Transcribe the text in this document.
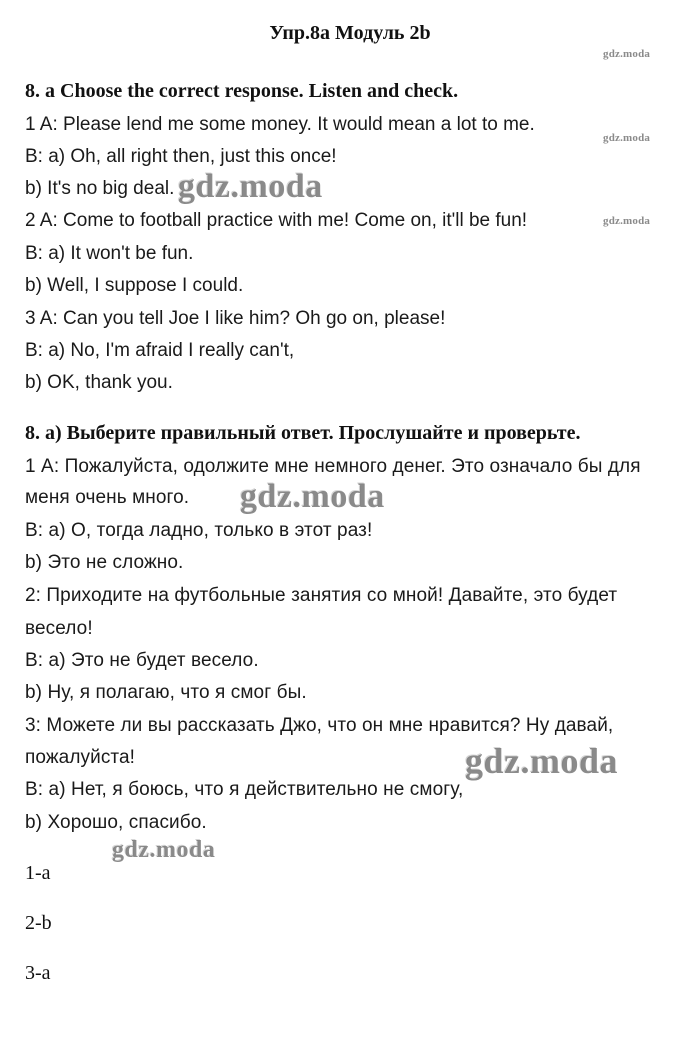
Упр.8а Модуль 2b
gdz.moda
gdz.moda
gdz.moda
8. a Choose the correct response. Listen and check.
1 A: Please lend me some money. It would mean a lot to me.
B: a) Oh, all right then, just this once!
b) It's no big deal.
2 A: Come to football practice with me! Come on, it'll be fun!
B: a) It won't be fun.
b) Well, I suppose I could.
3 A: Can you tell Joe I like him? Oh go on, please!
B: a) No, I'm afraid I really can't,
b) OK, thank you.
gdz.moda
8. а) Выберите правильный ответ. Прослушайте и проверьте.
1 А: Пожалуйста, одолжите мне немного денег. Это означало бы для
меня очень много.
В: а) О, тогда ладно, только в этот раз!
b) Это не сложно.
2: Приходите на футбольные занятия со мной! Давайте, это будет
весело!
В: а) Это не будет весело.
b) Ну, я полагаю, что я смог бы.
3: Можете ли вы рассказать Джо, что он мне нравится? Ну давай,
пожалуйста!
В: а) Нет, я боюсь, что я действительно не смогу,
b) Хорошо, спасибо.
gdz.moda
gdz.moda
gdz.moda
1-a
2-b
3-a
